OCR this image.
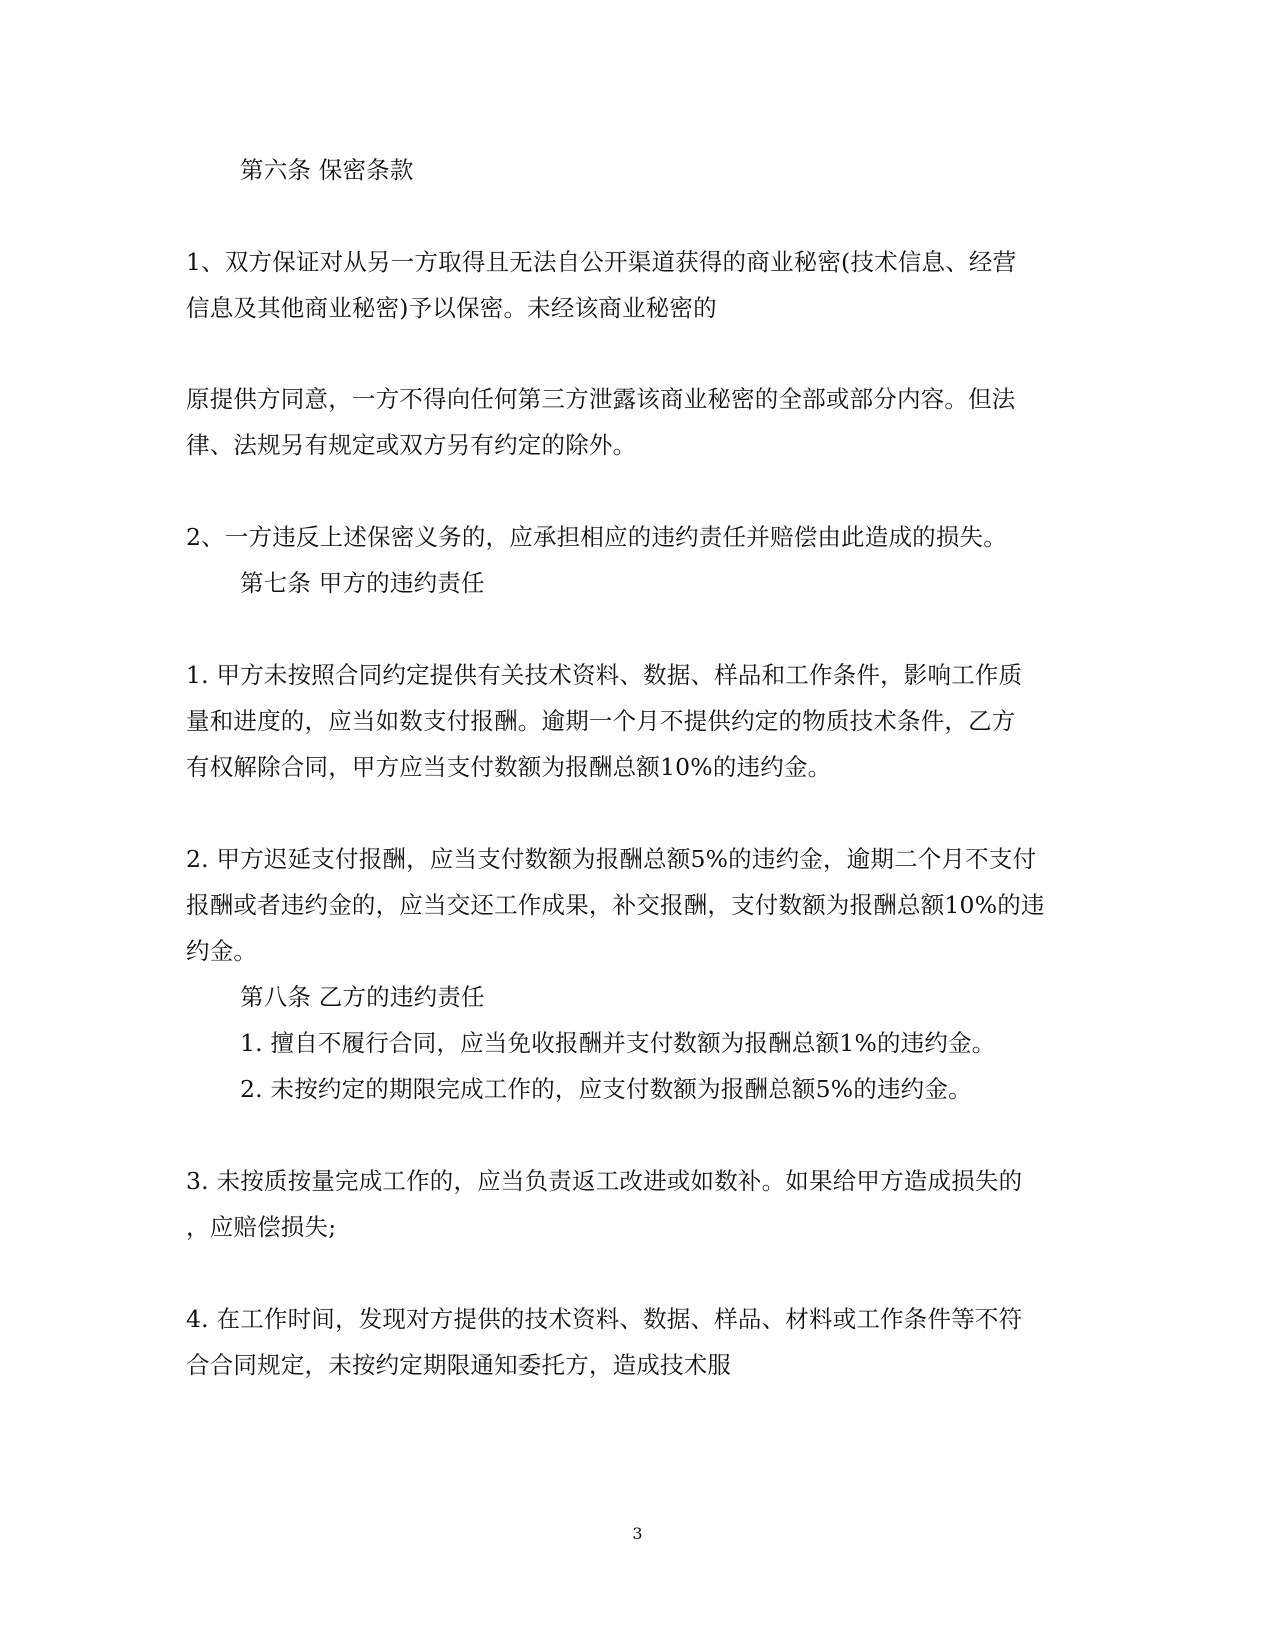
第六条 保密条款
1、双方保证对从另一方取得且无法自公开渠道获得的商业秘密(技术信息、经营
信息及其他商业秘密)予以保密。未经该商业秘密的
原提供方同意，一方不得向任何第三方泄露该商业秘密的全部或部分内容。但法
律、法规另有规定或双方另有约定的除外。
2、一方违反上述保密义务的，应承担相应的违约责任并赔偿由此造成的损失。
第七条 甲方的违约责任
1. 甲方未按照合同约定提供有关技术资料、数据、样品和工作条件，影响工作质
量和进度的，应当如数支付报酬。逾期一个月不提供约定的物质技术条件，乙方
有权解除合同，甲方应当支付数额为报酬总额10%的违约金。
2. 甲方迟延支付报酬，应当支付数额为报酬总额5%的违约金，逾期二个月不支付
报酬或者违约金的，应当交还工作成果，补交报酬，支付数额为报酬总额10%的违
约金。
第八条 乙方的违约责任
1. 擅自不履行合同，应当免收报酬并支付数额为报酬总额1%的违约金。
2. 未按约定的期限完成工作的，应支付数额为报酬总额5%的违约金。
3. 未按质按量完成工作的，应当负责返工改进或如数补。如果给甲方造成损失的
，应赔偿损失;
4. 在工作时间，发现对方提供的技术资料、数据、样品、材料或工作条件等不符
合合同规定，未按约定期限通知委托方，造成技术服
3
